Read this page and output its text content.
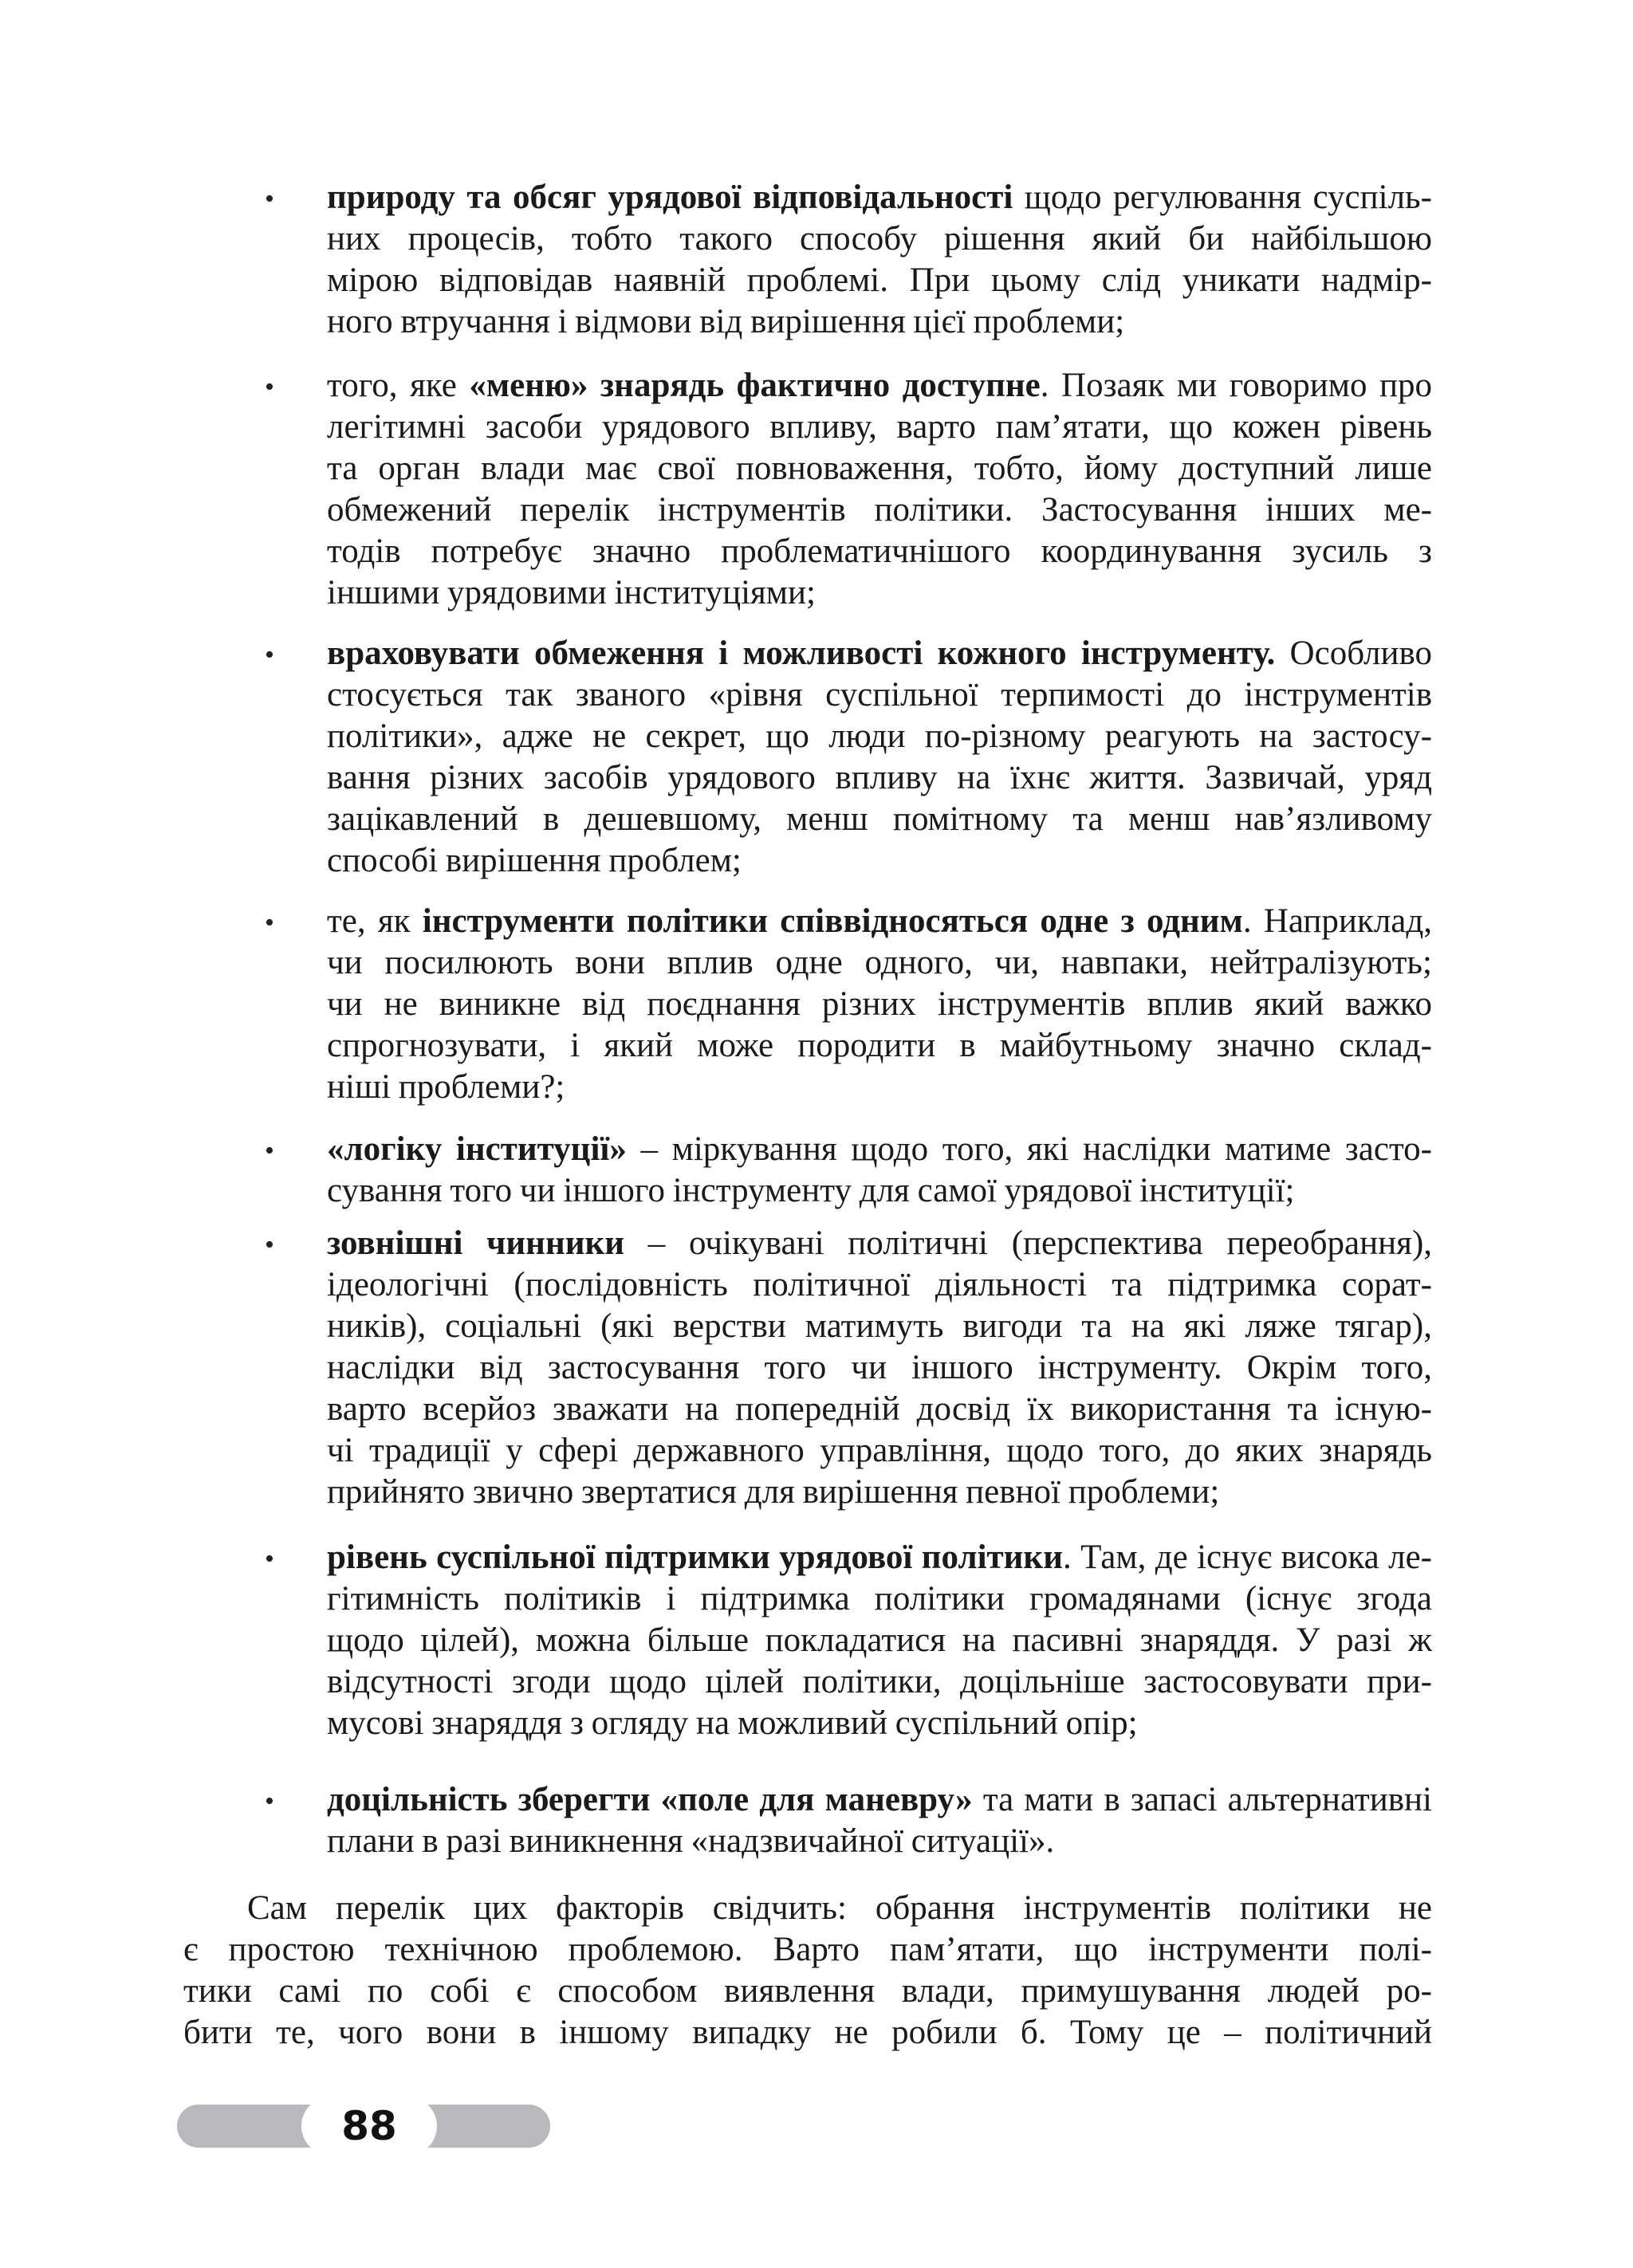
• природу та обсяг урядової відповідальності щодо регулювання суспіль-
них процесів, тобто такого способу рішення який би найбільшою
мірою відповідав наявній проблемі. При цьому слід уникати надмір-
ного втручання і відмови від вирішення цієї проблеми;
• того, яке «меню» знарядь фактично доступне. Позаяк ми говоримо про
легітимні засоби урядового впливу, варто пам’ятати, що кожен рівень
та орган влади має свої повноваження, тобто, йому доступний лише
обмежений перелік інструментів політики. Застосування інших ме-
тодів потребує значно проблематичнішого координування зусиль з
іншими урядовими інституціями;
• враховувати обмеження і можливості кожного інструменту. Особливо
стосується так званого «рівня суспільної терпимості до інструментів
політики», адже не секрет, що люди по-різному реагують на застосу-
вання різних засобів урядового впливу на їхнє життя. Зазвичай, уряд
зацікавлений в дешевшому, менш помітному та менш нав’язливому
способі вирішення проблем;
• те, як інструменти політики співвідносяться одне з одним. Наприклад,
чи посилюють вони вплив одне одного, чи, навпаки, нейтралізують;
чи не виникне від поєднання різних інструментів вплив який важко
спрогнозувати, і який може породити в майбутньому значно склад-
ніші проблеми?;
• «логіку інституції» – міркування щодо того, які наслідки матиме засто-
сування того чи іншого інструменту для самої урядової інституції;
• зовнішні чинники – очікувані політичні (перспектива переобрання),
ідеологічні (послідовність політичної діяльності та підтримка сорат-
ників), соціальні (які верстви матимуть вигоди та на які ляже тягар),
наслідки від застосування того чи іншого інструменту. Окрім того,
варто всерйоз зважати на попередній досвід їх використання та існую-
чі традиції у сфері державного управління, щодо того, до яких знарядь
прийнято звично звертатися для вирішення певної проблеми;
• рівень суспільної підтримки урядової політики. Там, де існує висока ле-
гітимність політиків і підтримка політики громадянами (існує згода
щодо цілей), можна більше покладатися на пасивні знаряддя. У разі ж
відсутності згоди щодо цілей політики, доцільніше застосовувати при-
мусові знаряддя з огляду на можливий суспільний опір;
• доцільність зберегти «поле для маневру» та мати в запасі альтернативні
плани в разі виникнення «надзвичайної ситуації».
Сам перелік цих факторів свідчить: обрання інструментів політики не
є простою технічною проблемою. Варто пам’ятати, що інструменти полі-
тики самі по собі є способом виявлення влади, примушування людей ро-
бити те, чого вони в іншому випадку не робили б. Тому це – політичний
88
